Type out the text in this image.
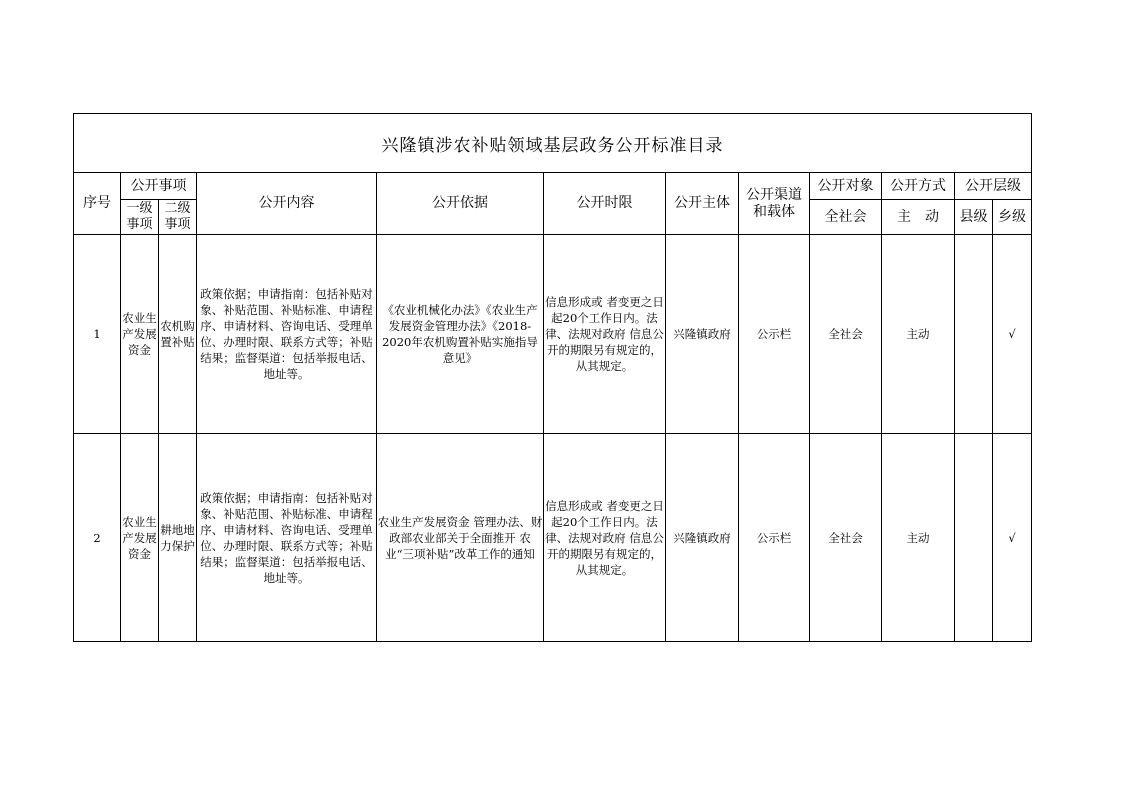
兴隆镇涉农补贴领域基层政务公开标准目录											
序号	公开事项		公开内容	公开依据	公开时限	公开主体	公开渠道和载体	公开对象	公开方式	公开层级	
	一级事项	二级事项						全社会	主　动	县级	乡级
1	农业生产发展资金	农机购置补贴	政策依据；申请指南：包括补贴对象、补贴范围、补贴标准、申请程序、申请材料、咨询电话、受理单位、办理时限、联系方式等；补贴结果；监督渠道：包括举报电话、地址等。	《农业机械化办法》《农业生产发展资金管理办法》《2018-2020年农机购置补贴实施指导意见》	信息形成或 者变更之日 起20个工作日内。法律、法规对政府 信息公开的期限另有规定的，从其规定。	兴隆镇政府	公示栏	全社会	主动		√
2	农业生产发展资金	耕地地力保护	政策依据；申请指南：包括补贴对象、补贴范围、补贴标准、申请程序、申请材料、咨询电话、受理单位、办理时限、联系方式等；补贴结果；监督渠道：包括举报电话、地址等。	农业生产发展资金 管理办法、财政部农业部关于全面推开 农业“三项补贴”改革工作的通知	信息形成或 者变更之日 起20个工作日内。法律、法规对政府 信息公开的期限另有规定的，从其规定。	兴隆镇政府	公示栏	全社会	主动		√
